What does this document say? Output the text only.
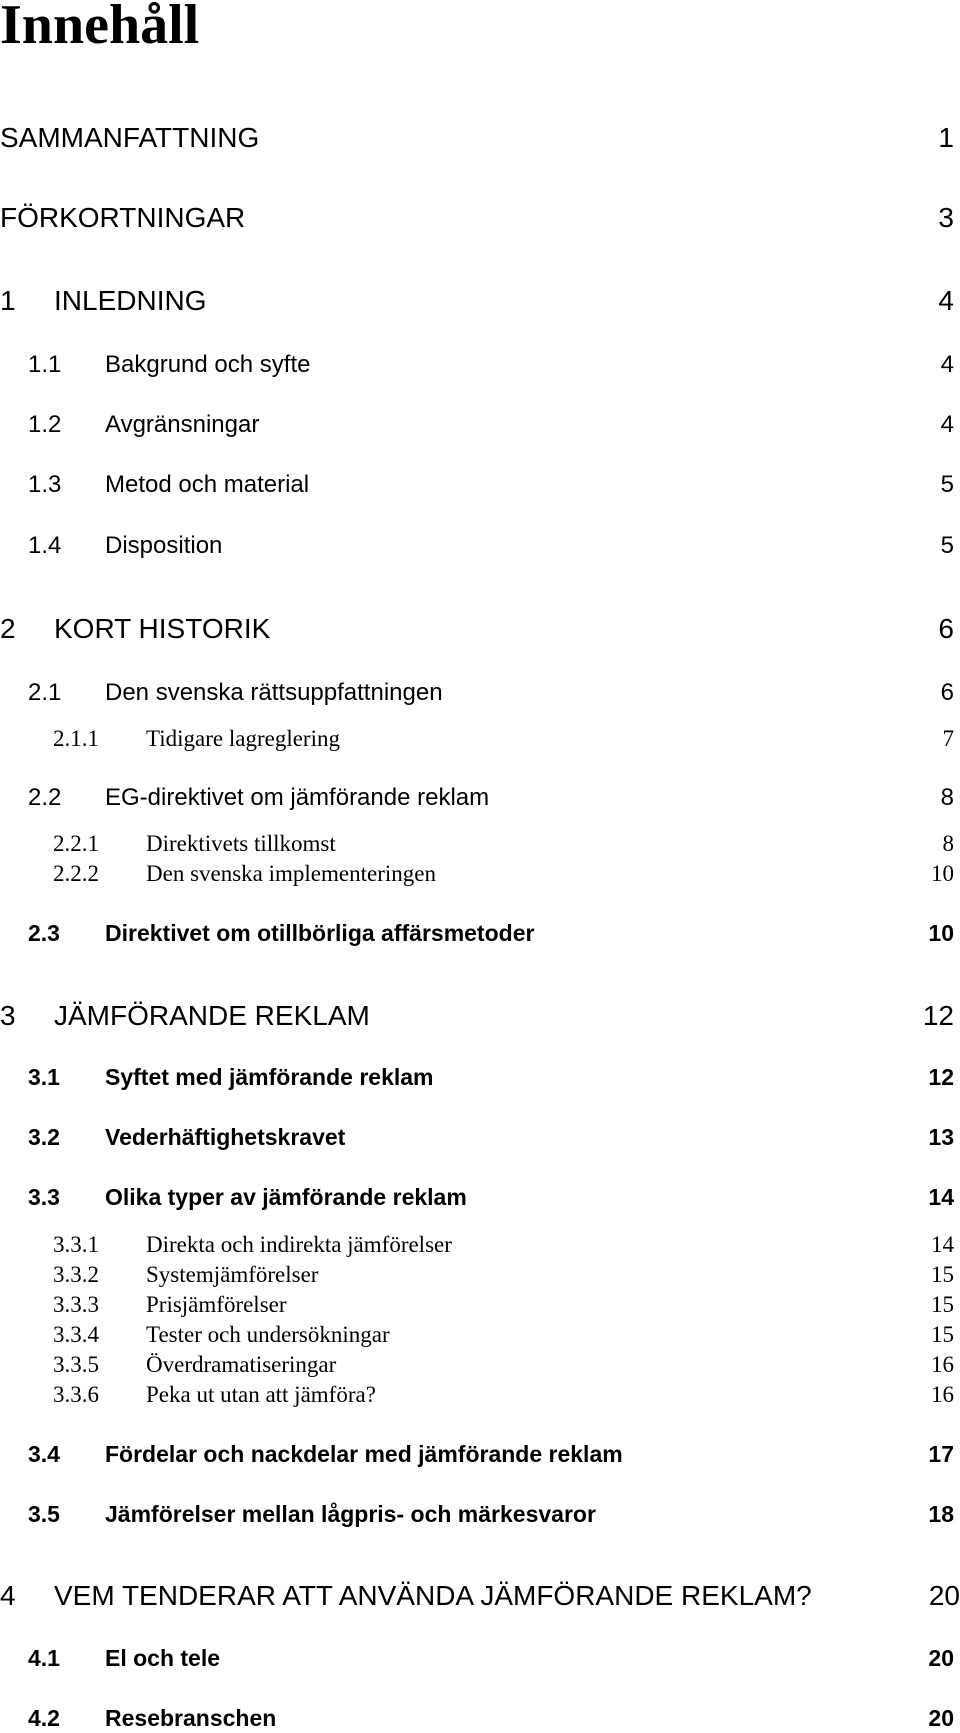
Innehåll
SAMMANFATTNING	1
FÖRKORTNINGAR	3
1 INLEDNING	4
1.1 Bakgrund och syfte	4
1.2 Avgränsningar	4
1.3 Metod och material	5
1.4 Disposition	5
2 KORT HISTORIK	6
2.1 Den svenska rättsuppfattningen	6
2.1.1 Tidigare lagreglering	7
2.2 EG-direktivet om jämförande reklam	8
2.2.1 Direktivets tillkomst	8
2.2.2 Den svenska implementeringen	10
2.3 Direktivet om otillbörliga affärsmetoder	10
3 JÄMFÖRANDE REKLAM	12
3.1 Syftet med jämförande reklam	12
3.2 Vederhäftighetskravet	13
3.3 Olika typer av jämförande reklam	14
3.3.1 Direkta och indirekta jämförelser	14
3.3.2 Systemjämförelser	15
3.3.3 Prisjämförelser	15
3.3.4 Tester och undersökningar	15
3.3.5 Överdramatiseringar	16
3.3.6 Peka ut utan att jämföra?	16
3.4 Fördelar och nackdelar med jämförande reklam	17
3.5 Jämförelser mellan lågpris- och märkesvaror	18
4 VEM TENDERAR ATT ANVÄNDA JÄMFÖRANDE REKLAM?	20
4.1 El och tele	20
4.2 Resebranschen	20
